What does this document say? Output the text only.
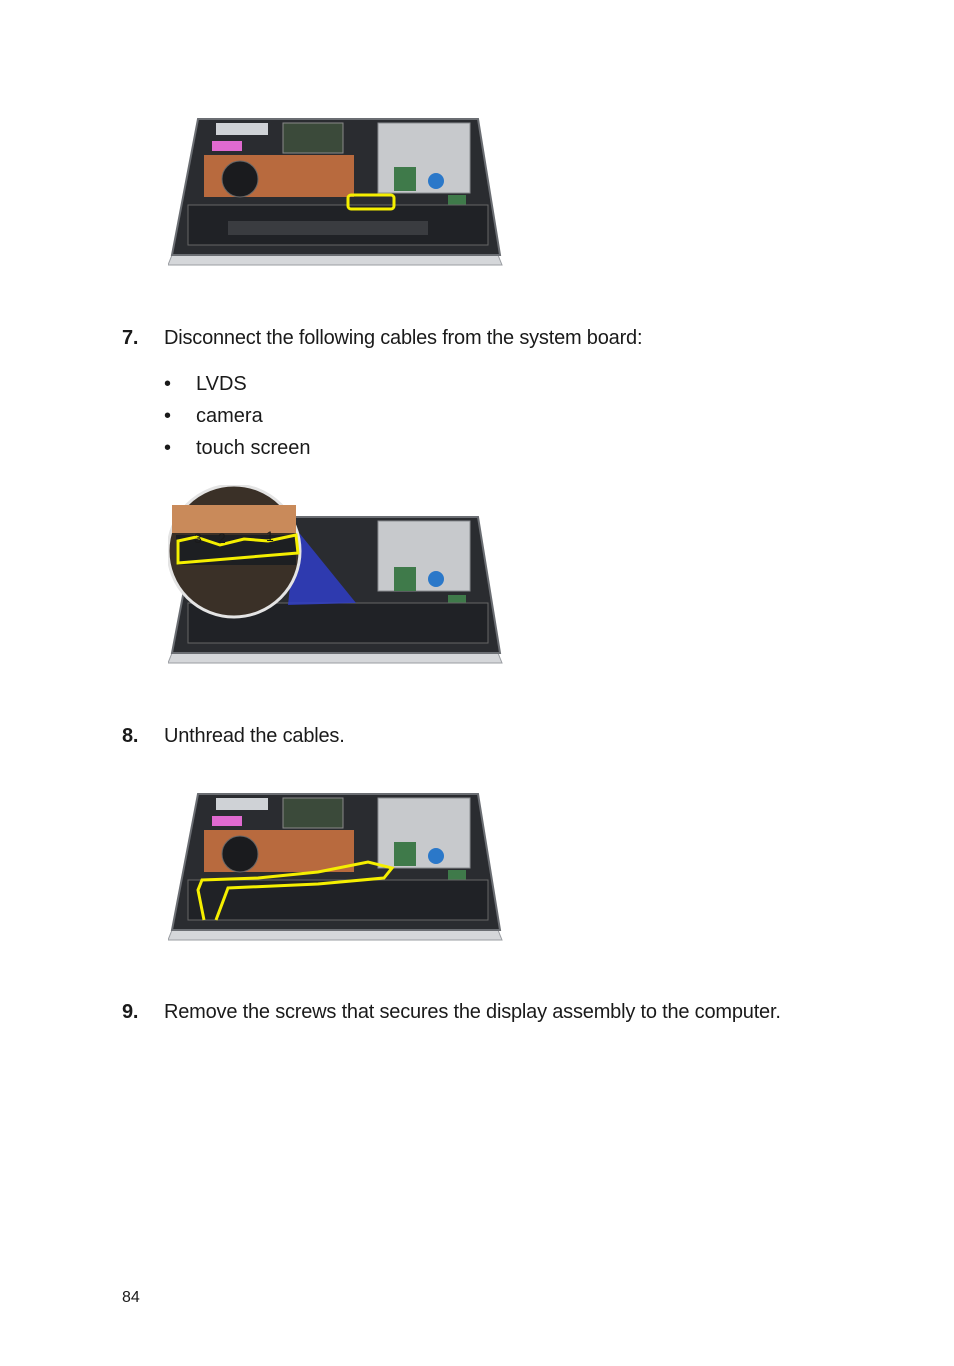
7.	Disconnect the following cables from the system board:
•	LVDS
•	camera
•	touch screen
3 2	1
8.	Unthread the cables.
9.	Remove the screws that secures the display assembly to the computer.
84
